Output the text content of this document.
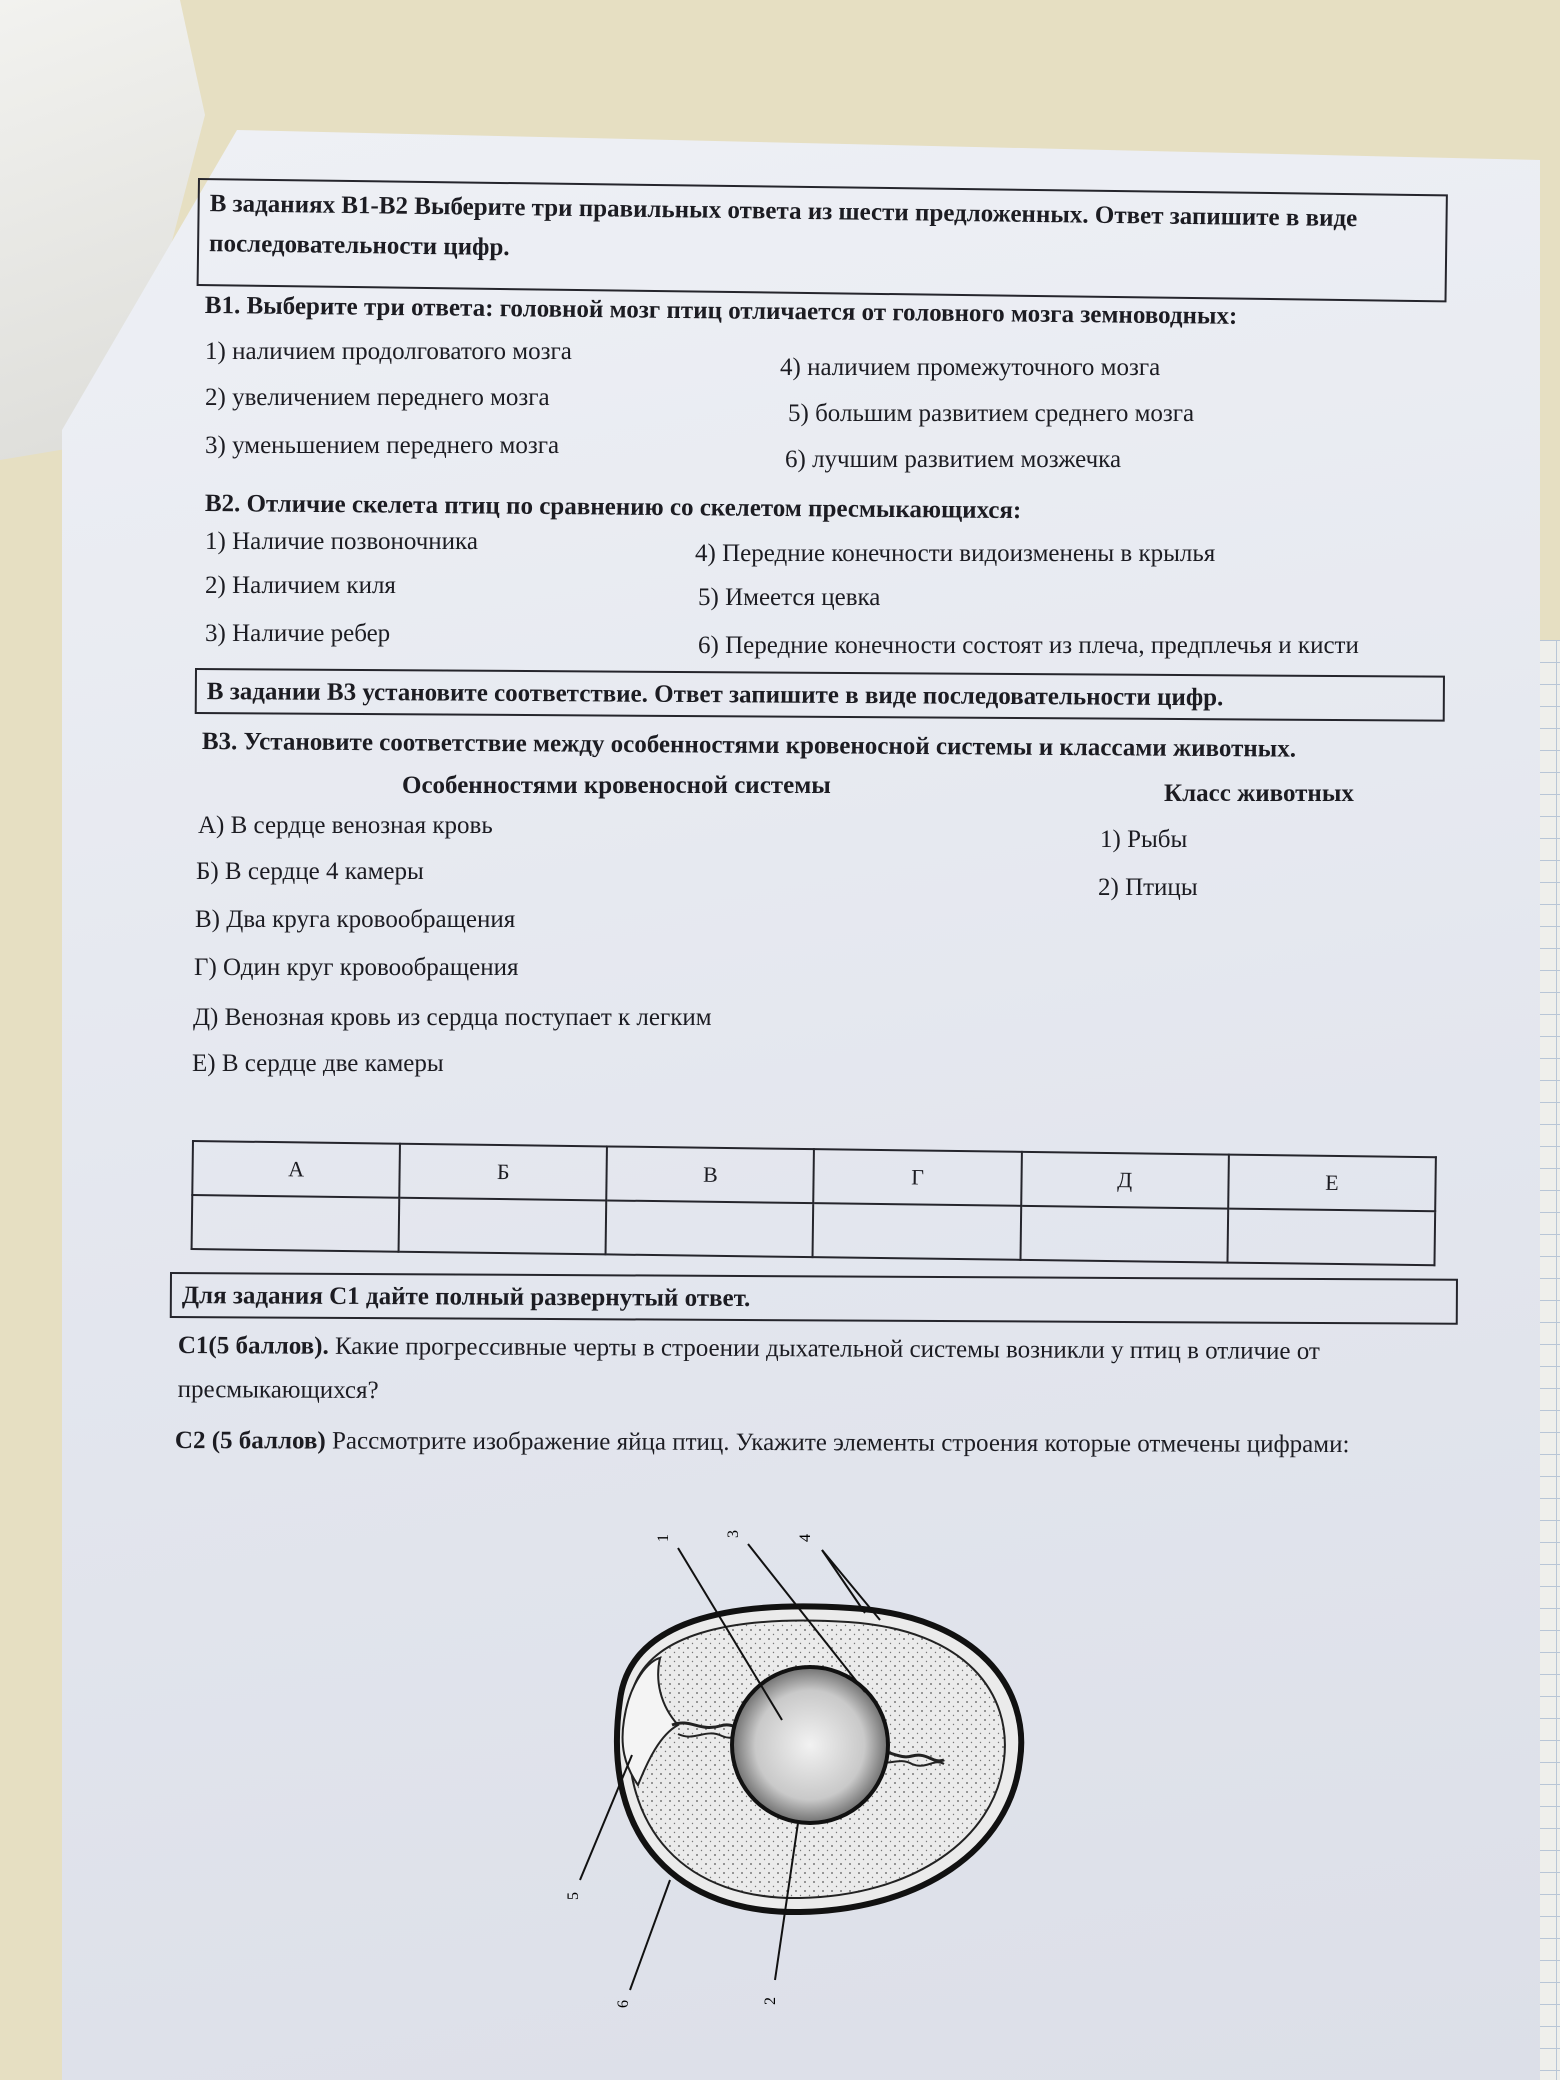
В заданиях В1-В2 Выберите три правильных ответа из шести предложенных. Ответ запишите в виде последовательности цифр.
В1. Выберите три ответа: головной мозг птиц отличается от головного мозга земноводных:
1) наличием продолговатого мозга
2) увеличением переднего мозга
3) уменьшением переднего мозга
4) наличием промежуточного мозга
5) большим развитием среднего мозга
6) лучшим развитием мозжечка
В2. Отличие скелета птиц по сравнению со скелетом пресмыкающихся:
1) Наличие позвоночника
2) Наличием киля
3) Наличие ребер
4) Передние конечности видоизменены в крылья
5) Имеется цевка
6) Передние конечности состоят из плеча, предплечья и кисти
В задании В3 установите соответствие. Ответ запишите в виде последовательности цифр.
В3. Установите соответствие между особенностями кровеносной системы и классами животных.
Особенностями кровеносной системы	Класс животных
А) В сердце венозная кровь
Б) В сердце 4 камеры
В) Два круга кровообращения
Г) Один круг кровообращения
Д) Венозная кровь из сердца поступает к легким
Е) В сердце две камеры
1) Рыбы
2) Птицы
А	Б	В	Г	Д	Е

Для задания С1 дайте полный развернутый ответ.
С1(5 баллов). Какие прогрессивные черты в строении дыхательной системы возникли у птиц в отличие от пресмыкающихся?
С2 (5 баллов) Рассмотрите изображение яйца птиц. Укажите элементы строения которые отмечены цифрами:
1	3	4
5
6	2
